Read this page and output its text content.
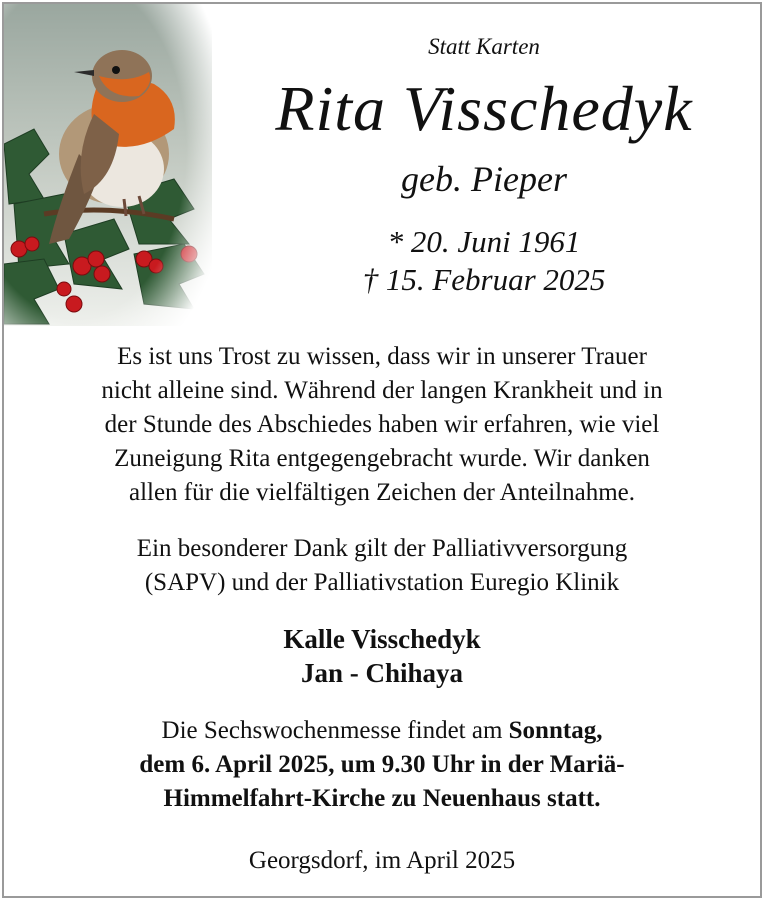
Statt Karten
Rita Visschedyk
geb. Pieper
* 20. Juni 1961
† 15. Februar 2025
Es ist uns Trost zu wissen, dass wir in unserer Trauer
nicht alleine sind. Während der langen Krankheit und in
der Stunde des Abschiedes haben wir erfahren, wie viel
Zuneigung Rita entgegengebracht wurde. Wir danken
allen für die vielfältigen Zeichen der Anteilnahme.
Ein besonderer Dank gilt der Palliativversorgung
(SAPV) und der Palliativstation Euregio Klinik
Kalle Visschedyk
Jan - Chihaya
Die Sechswochenmesse findet am Sonntag,
dem 6. April 2025, um 9.30 Uhr in der Mariä-
Himmelfahrt-Kirche zu Neuenhaus statt.
Georgsdorf, im April 2025
